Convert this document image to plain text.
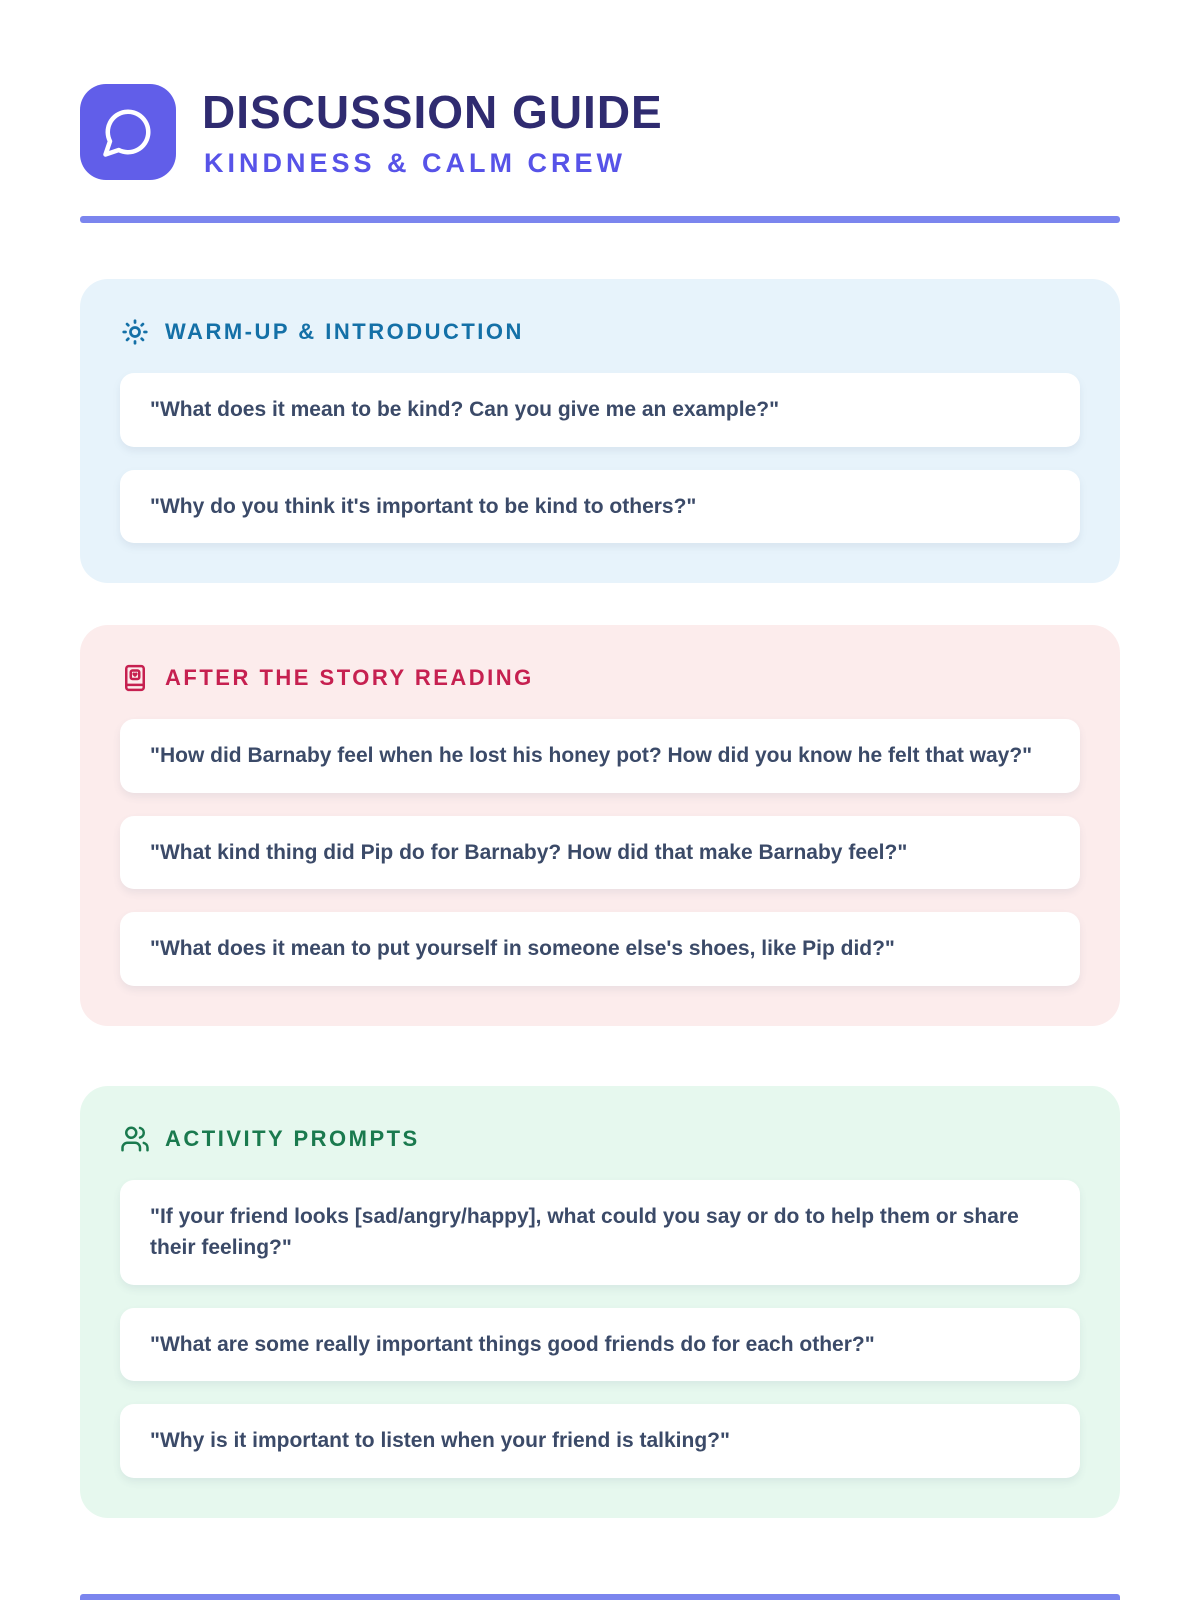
DISCUSSION GUIDE
KINDNESS & CALM CREW
WARM-UP & INTRODUCTION

"What does it mean to be kind? Can you give me an example?"

"Why do you think it's important to be kind to others?"

AFTER THE STORY READING

"How did Barnaby feel when he lost his honey pot? How did you know he felt that way?"

"What kind thing did Pip do for Barnaby? How did that make Barnaby feel?"

"What does it mean to put yourself in someone else's shoes, like Pip did?"

ACTIVITY PROMPTS

"If your friend looks [sad/angry/happy], what could you say or do to help them or share their feeling?"

"What are some really important things good friends do for each other?"

"Why is it important to listen when your friend is talking?"
